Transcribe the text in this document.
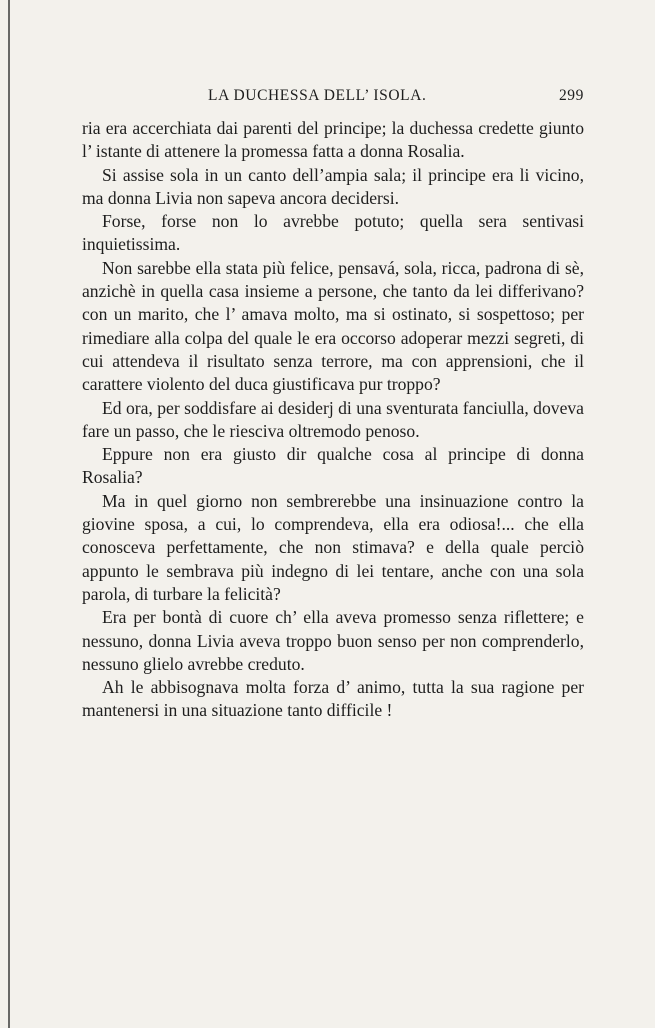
LA DUCHESSA DELL’ ISOLA.	299

ria era accerchiata dai parenti del principe; la duchessa credette giunto l’ istante di attenere la promessa fatta a donna Rosalia.

Si assise sola in un canto dell’ampia sala; il principe era li vicino, ma donna Livia non sapeva ancora decidersi.

Forse, forse non lo avrebbe potuto; quella sera sentivasi inquietissima.

Non sarebbe ella stata più felice, pensavá, sola, ricca, padrona di sè, anzichè in quella casa insieme a persone, che tanto da lei differivano? con un marito, che l’ amava molto, ma si ostinato, si sospettoso; per rimediare alla colpa del quale le era occorso adoperar mezzi segreti, di cui attendeva il risultato senza terrore, ma con apprensioni, che il carattere violento del duca giustificava pur troppo?

Ed ora, per soddisfare ai desiderj di una sventurata fanciulla, doveva fare un passo, che le riesciva oltremodo penoso.

Eppure non era giusto dir qualche cosa al principe di donna Rosalia?

Ma in quel giorno non sembrerebbe una insinuazione contro la giovine sposa, a cui, lo comprendeva, ella era odiosa!... che ella conosceva perfettamente, che non stimava? e della quale perciò appunto le sembrava più indegno di lei tentare, anche con una sola parola, di turbare la felicità?

Era per bontà di cuore ch’ ella aveva promesso senza riflettere; e nessuno, donna Livia aveva troppo buon senso per non comprenderlo, nessuno glielo avrebbe creduto.

Ah le abbisognava molta forza d’ animo, tutta la sua ragione per mantenersi in una situazione tanto difficile !
